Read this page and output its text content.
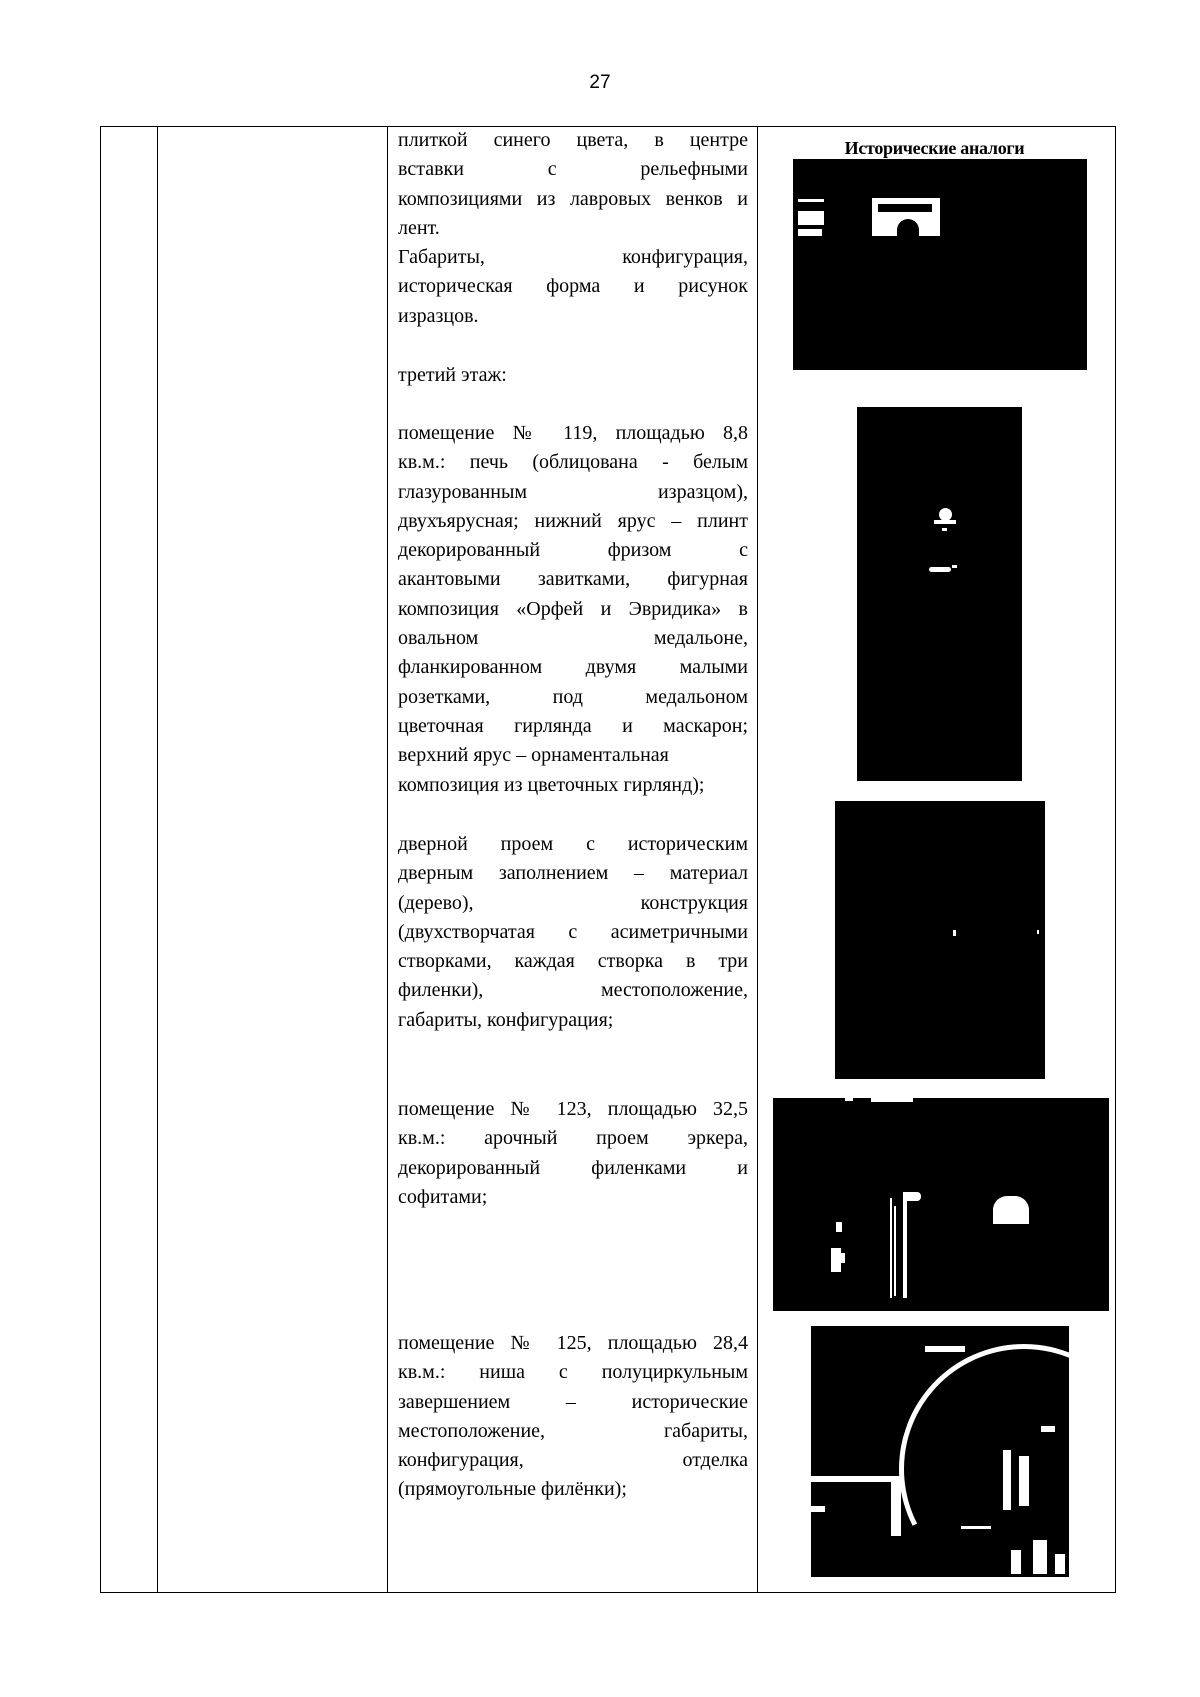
27

плиткой синего цвета, в центре
вставки с рельефными
композициями из лавровых венков и
лент.

Габариты, конфигурация,
историческая форма и рисунок
изразцов.

третий этаж:

помещение № 119, площадью 8,8
кв.м.: печь (облицована - белым
глазурованным изразцом),
двухъярусная; нижний ярус – плинт
декорированный фризом с
акантовыми завитками, фигурная
композиция «Орфей и Эвридика» в
овальном медальоне,
фланкированном двумя малыми
розетками, под медальоном
цветочная гирлянда и маскарон;
верхний ярус – орнаментальная
композиция из цветочных гирлянд);

дверной проем с историческим
дверным заполнением – материал
(дерево), конструкция
(двухстворчатая с асиметричными
створками, каждая створка в три
филенки), местоположение,
габариты, конфигурация;

помещение № 123, площадью 32,5
кв.м.: арочный проем эркера,
декорированный филенками и
софитами;

помещение № 125, площадью 28,4
кв.м.: ниша с полуциркульным
завершением – исторические
местоположение, габариты,
конфигурация, отделка
(прямоугольные филёнки);

Исторические аналоги
